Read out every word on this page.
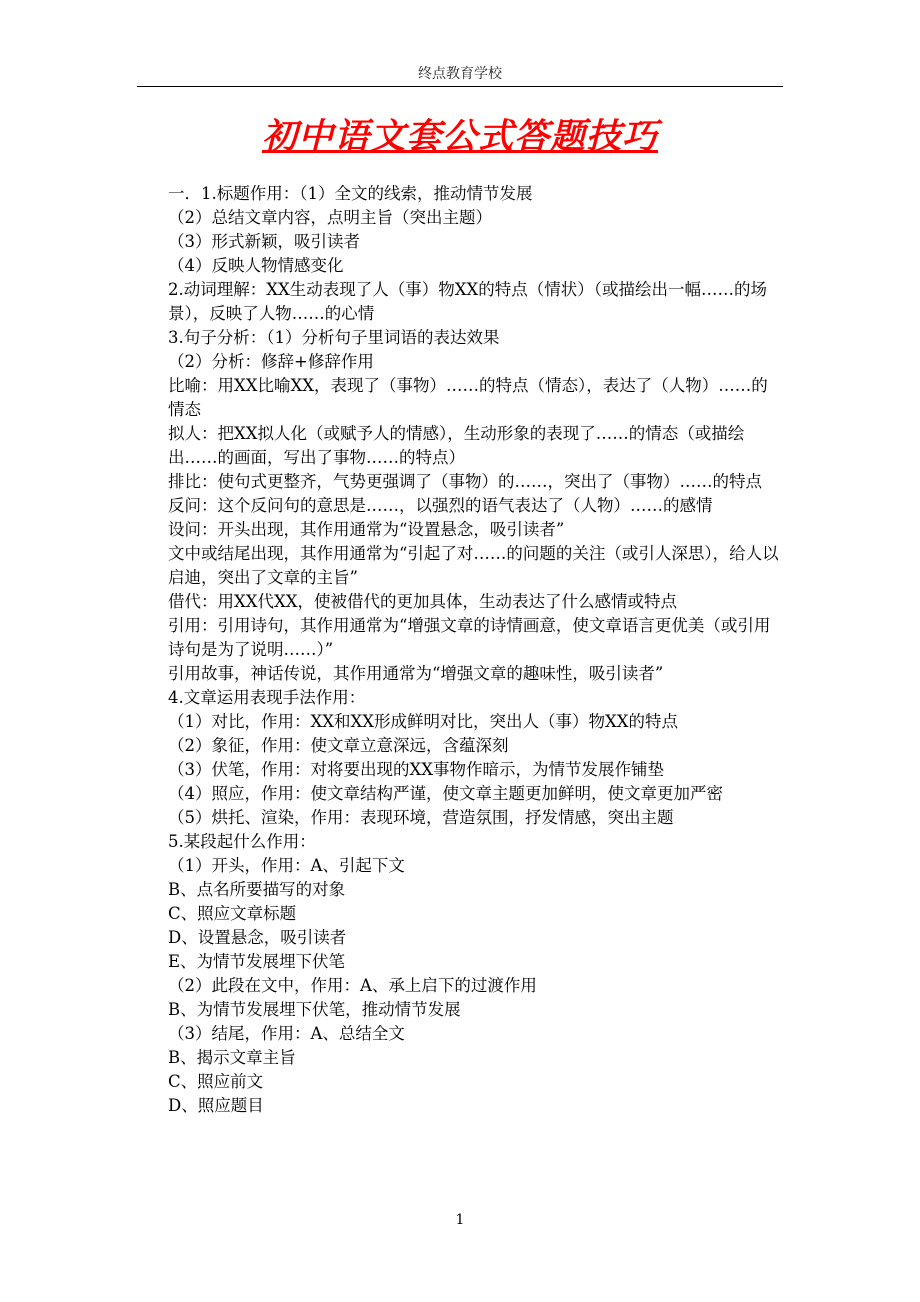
终点教育学校
初中语文套公式答题技巧

一．1.标题作用：（1）全文的线索，推动情节发展

（2）总结文章内容，点明主旨（突出主题）

（3）形式新颖，吸引读者

（4）反映人物情感变化

2.动词理解：XX生动表现了人（事）物XX的特点（情状）（或描绘出一幅……的场景），反映了人物……的心情

3.句子分析：（1）分析句子里词语的表达效果

（2）分析：修辞+修辞作用

比喻：用XX比喻XX，表现了（事物）……的特点（情态），表达了（人物）……的情态

拟人：把XX拟人化（或赋予人的情感），生动形象的表现了……的情态（或描绘出……的画面，写出了事物……的特点）

排比：使句式更整齐，气势更强调了（事物）的……，突出了（事物）……的特点

反问：这个反问句的意思是……，以强烈的语气表达了（人物）……的感情

设问：开头出现，其作用通常为“设置悬念，吸引读者”

文中或结尾出现，其作用通常为“引起了对……的问题的关注（或引人深思），给人以启迪，突出了文章的主旨”

借代：用XX代XX，使被借代的更加具体，生动表达了什么感情或特点

引用：引用诗句，其作用通常为“增强文章的诗情画意，使文章语言更优美（或引用诗句是为了说明……）”

引用故事，神话传说，其作用通常为“增强文章的趣味性，吸引读者”

4.文章运用表现手法作用：

（1）对比，作用：XX和XX形成鲜明对比，突出人（事）物XX的特点

（2）象征，作用：使文章立意深远，含蕴深刻

（3）伏笔，作用：对将要出现的XX事物作暗示，为情节发展作铺垫

（4）照应，作用：使文章结构严谨，使文章主题更加鲜明，使文章更加严密

（5）烘托、渲染，作用：表现环境，营造氛围，抒发情感，突出主题

5.某段起什么作用：

（1）开头，作用：A、引起下文

B、点名所要描写的对象

C、照应文章标题

D、设置悬念，吸引读者

E、为情节发展埋下伏笔

（2）此段在文中，作用：A、承上启下的过渡作用

B、为情节发展埋下伏笔，推动情节发展

（3）结尾，作用：A、总结全文

B、揭示文章主旨

C、照应前文

D、照应题目

1
